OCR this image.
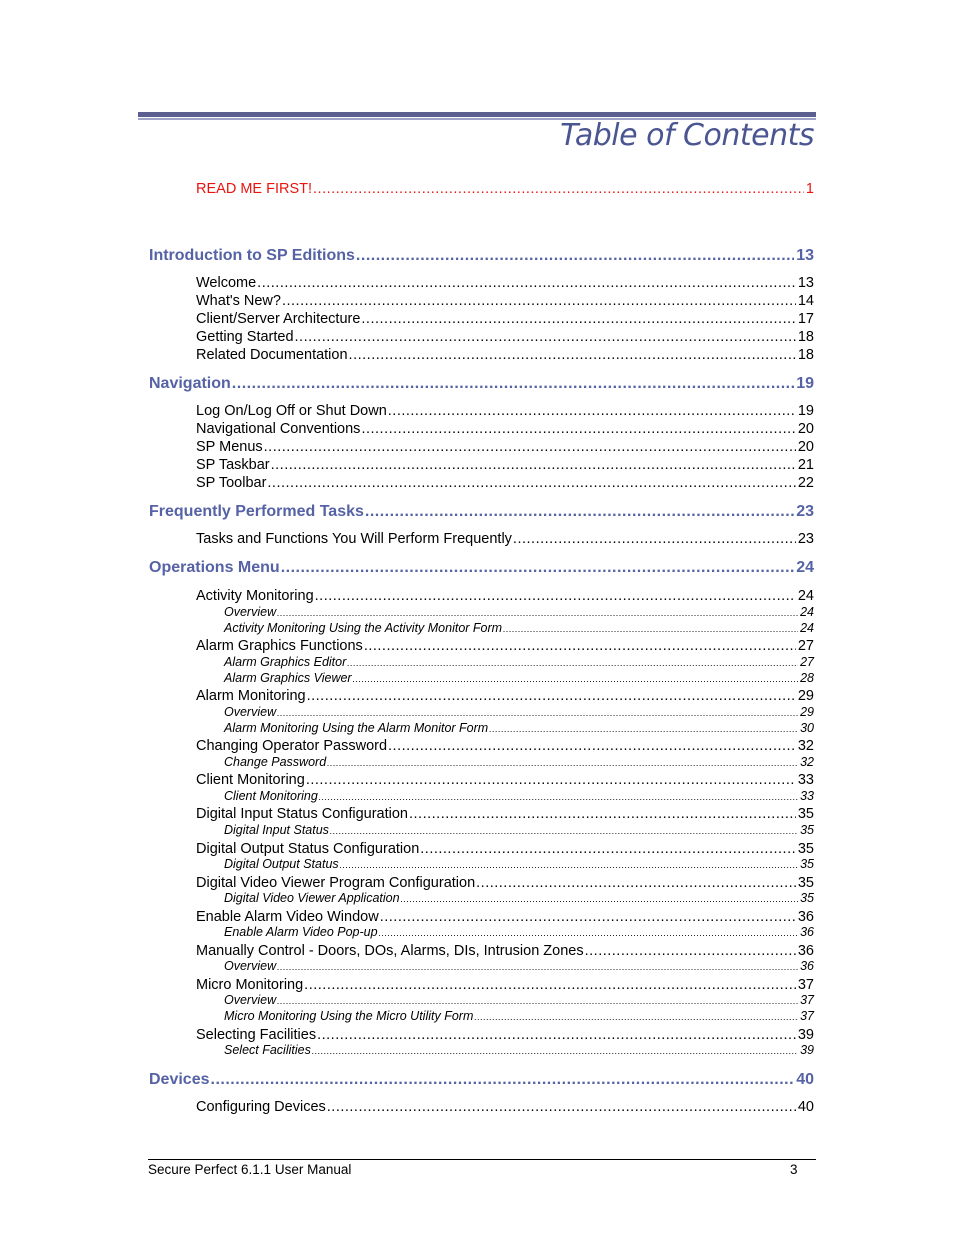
Table of Contents
READ ME FIRST! .....	1
Introduction to SP Editions .....	13
Welcome .....	13
What's New? .....	14
Client/Server Architecture .....	17
Getting Started .....	18
Related Documentation .....	18
Navigation .....	19
Log On/Log Off or Shut Down .....	19
Navigational Conventions .....	20
SP Menus .....	20
SP Taskbar .....	21
SP Toolbar .....	22
Frequently Performed Tasks .....	23
Tasks and Functions You Will Perform Frequently .....	23
Operations Menu .....	24
Activity Monitoring .....	24
Overview .....	24
Activity Monitoring Using the Activity Monitor Form .....	24
Alarm Graphics Functions .....	27
Alarm Graphics Editor .....	27
Alarm Graphics Viewer .....	28
Alarm Monitoring .....	29
Overview .....	29
Alarm Monitoring Using the Alarm Monitor Form .....	30
Changing Operator Password .....	32
Change Password .....	32
Client Monitoring .....	33
Client Monitoring .....	33
Digital Input Status Configuration .....	35
Digital Input Status .....	35
Digital Output Status Configuration .....	35
Digital Output Status .....	35
Digital Video Viewer Program Configuration .....	35
Digital Video Viewer Application .....	35
Enable Alarm Video Window .....	36
Enable Alarm Video Pop-up .....	36
Manually Control - Doors, DOs, Alarms, DIs, Intrusion Zones .....	36
Overview .....	36
Micro Monitoring .....	37
Overview .....	37
Micro Monitoring Using the Micro Utility Form .....	37
Selecting Facilities .....	39
Select Facilities .....	39
Devices .....	40
Configuring Devices .....	40
Secure Perfect 6.1.1 User Manual	3
